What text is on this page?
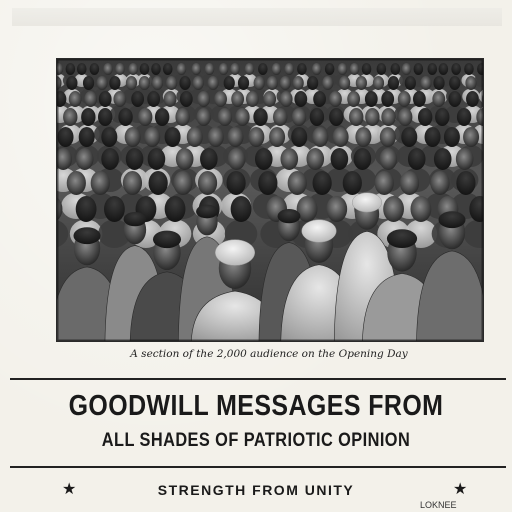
A section of the 2,000 audience on the Opening Day
GOODWILL MESSAGES FROM
ALL SHADES OF PATRIOTIC OPINION
★	STRENGTH FROM UNITY	★
LOKNEE
